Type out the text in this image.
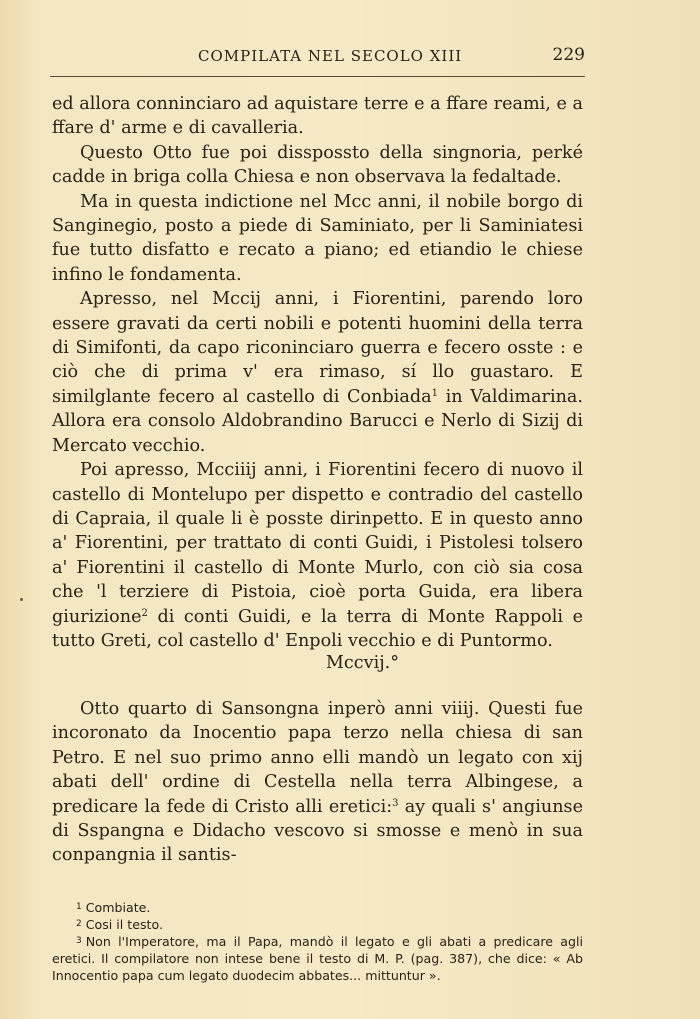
COMPILATA NEL SECOLO XIII	229

ed allora conninciaro ad aquistare terre e a ffare reami, e a ffare d' arme e di cavalleria.

Questo Otto fue poi disspossto della singnoria, perké cadde in briga colla Chiesa e non observava la fedaltade.

Ma in questa indictione nel Mcc anni, il nobile borgo di Sanginegio, posto a piede di Saminiato, per li Saminiatesi fue tutto disfatto e recato a piano; ed etiandio le chiese infino le fondamenta.

Apresso, nel Mccij anni, i Fiorentini, parendo loro essere gravati da certi nobili e potenti huomini della terra di Simifonti, da capo riconinciaro guerra e fecero osste : e ciò che di prima v' era rimaso, sí llo guastaro. E similglante fecero al castello di Conbiada$^1$ in Valdimarina. Allora era consolo Aldobrandino Barucci e Nerlo di Sizij di Mercato vecchio.

Poi apresso, Mcciiij anni, i Fiorentini fecero di nuovo il castello di Montelupo per dispetto e contradio del castello di Capraia, il quale li è posste dirinpetto. E in questo anno a' Fiorentini, per trattato di conti Guidi, i Pistolesi tolsero a' Fiorentini il castello di Monte Murlo, con ciò sia cosa che 'l terziere di Pistoia, cioè porta Guida, era libera giurizione$^2$ di conti Guidi, e la terra di Monte Rappoli e tutto Greti, col castello d' Enpoli vecchio e di Puntormo.

Mccvij.°

Otto quarto di Sansongna inperò anni viiij. Questi fue incoronato da Inocentio papa terzo nella chiesa di san Petro. E nel suo primo anno elli mandò un legato con xij abati dell' ordine di Cestella nella terra Albingese, a predicare la fede di Cristo alli eretici:$^3$ ay quali s' angiunse di Sspangna e Didacho vescovo si smosse e menò in sua conpangnia il santis-

$^1$ Combiate.

$^2$ Cosi il testo.

$^3$ Non l'Imperatore, ma il Papa, mandò il legato e gli abati a predicare agli eretici. Il compilatore non intese bene il testo di M. P. (pag. 387), che dice: « Ab Innocentio papa cum legato duodecim abbates... mittuntur ».
